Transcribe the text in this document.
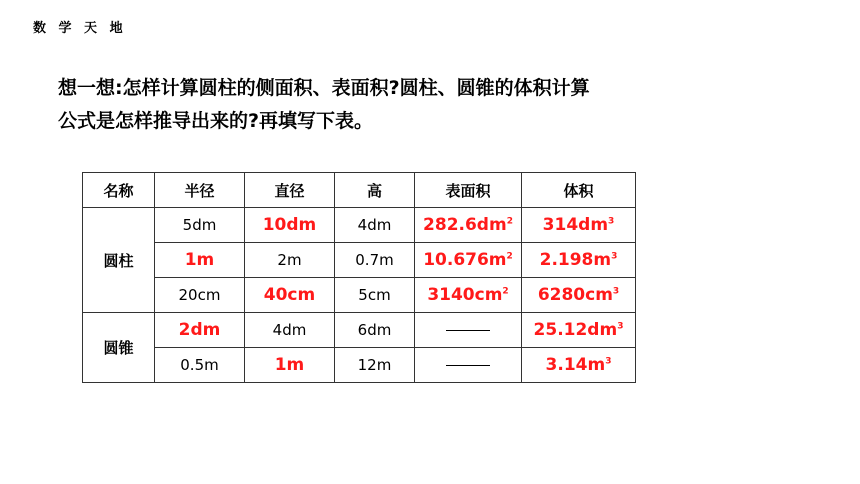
数 学 天 地
想一想:怎样计算圆柱的侧面积、表面积?圆柱、圆锥的体积计算
公式是怎样推导出来的?再填写下表。
名称	半径	直径	高	表面积	体积
圆柱	5dm	10dm	4dm	$282.6dm^2$	$314dm^3$
	1m	2m	0.7m	$10.676m^2$	$2.198m^3$
	20cm	40cm	5cm	$3140cm^2$	$6280cm^3$
圆锥	2dm	4dm	6dm		$25.12dm^3$
	0.5m	1m	12m		$3.14m^3$
